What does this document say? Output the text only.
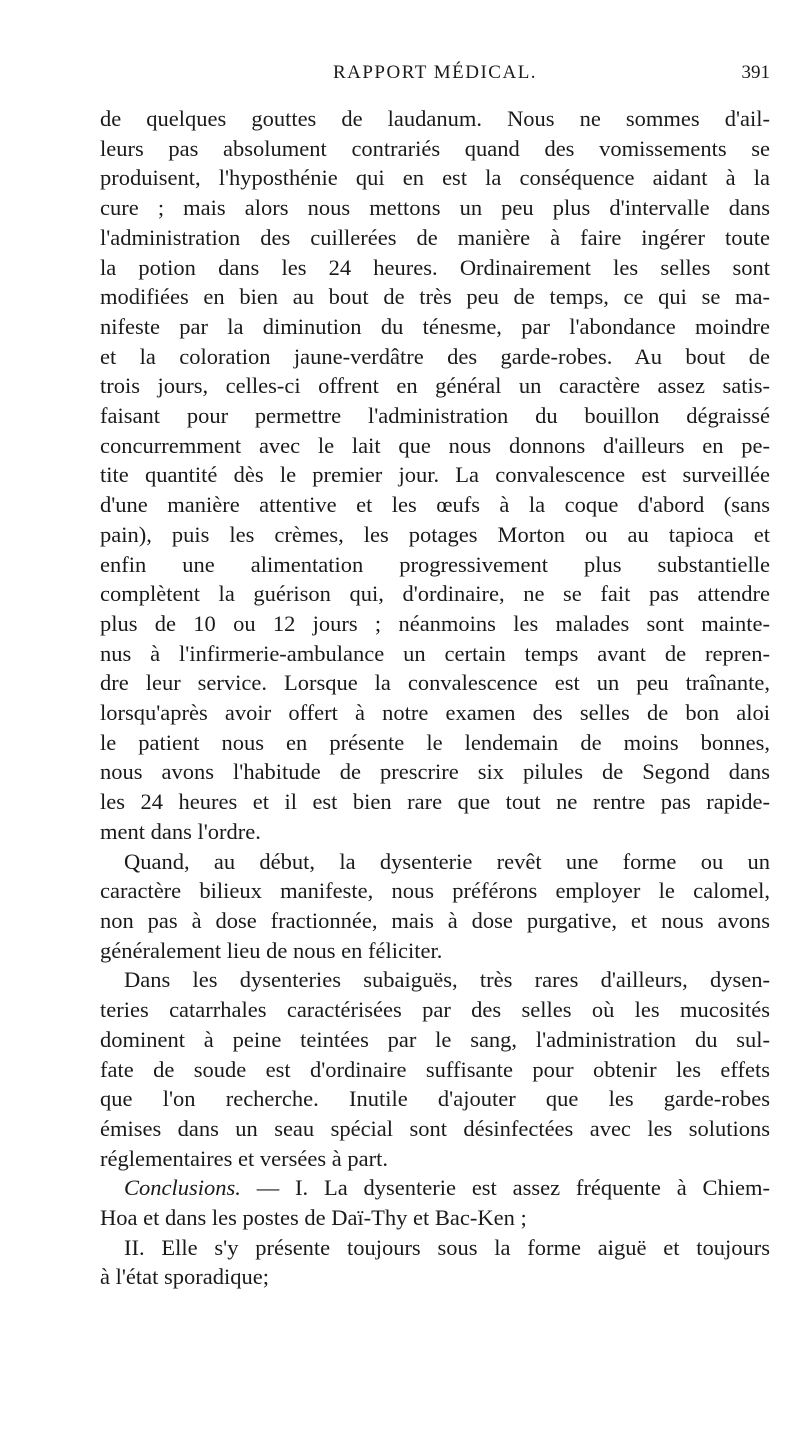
RAPPORT MÉDICAL.	391

de quelques gouttes de laudanum. Nous ne sommes d'ail-
leurs pas absolument contrariés quand des vomissements se
produisent, l'hyposthénie qui en est la conséquence aidant à la
cure ; mais alors nous mettons un peu plus d'intervalle dans
l'administration des cuillerées de manière à faire ingérer toute
la potion dans les 24 heures. Ordinairement les selles sont
modifiées en bien au bout de très peu de temps, ce qui se ma-
nifeste par la diminution du ténesme, par l'abondance moindre
et la coloration jaune-verdâtre des garde-robes. Au bout de
trois jours, celles-ci offrent en général un caractère assez satis-
faisant pour permettre l'administration du bouillon dégraissé
concurremment avec le lait que nous donnons d'ailleurs en pe-
tite quantité dès le premier jour. La convalescence est surveillée
d'une manière attentive et les œufs à la coque d'abord (sans
pain), puis les crèmes, les potages Morton ou au tapioca et
enfin une alimentation progressivement plus substantielle
complètent la guérison qui, d'ordinaire, ne se fait pas attendre
plus de 10 ou 12 jours ; néanmoins les malades sont mainte-
nus à l'infirmerie-ambulance un certain temps avant de repren-
dre leur service. Lorsque la convalescence est un peu traînante,
lorsqu'après avoir offert à notre examen des selles de bon aloi
le patient nous en présente le lendemain de moins bonnes,
nous avons l'habitude de prescrire six pilules de Segond dans
les 24 heures et il est bien rare que tout ne rentre pas rapide-
ment dans l'ordre.

Quand, au début, la dysenterie revêt une forme ou un
caractère bilieux manifeste, nous préférons employer le calomel,
non pas à dose fractionnée, mais à dose purgative, et nous avons
généralement lieu de nous en féliciter.

Dans les dysenteries subaiguës, très rares d'ailleurs, dysen-
teries catarrhales caractérisées par des selles où les mucosités
dominent à peine teintées par le sang, l'administration du sul-
fate de soude est d'ordinaire suffisante pour obtenir les effets
que l'on recherche. Inutile d'ajouter que les garde-robes
émises dans un seau spécial sont désinfectées avec les solutions
réglementaires et versées à part.

Conclusions. — I. La dysenterie est assez fréquente à Chiem-
Hoa et dans les postes de Daï-Thy et Bac-Ken ;

II. Elle s'y présente toujours sous la forme aiguë et toujours
à l'état sporadique;
